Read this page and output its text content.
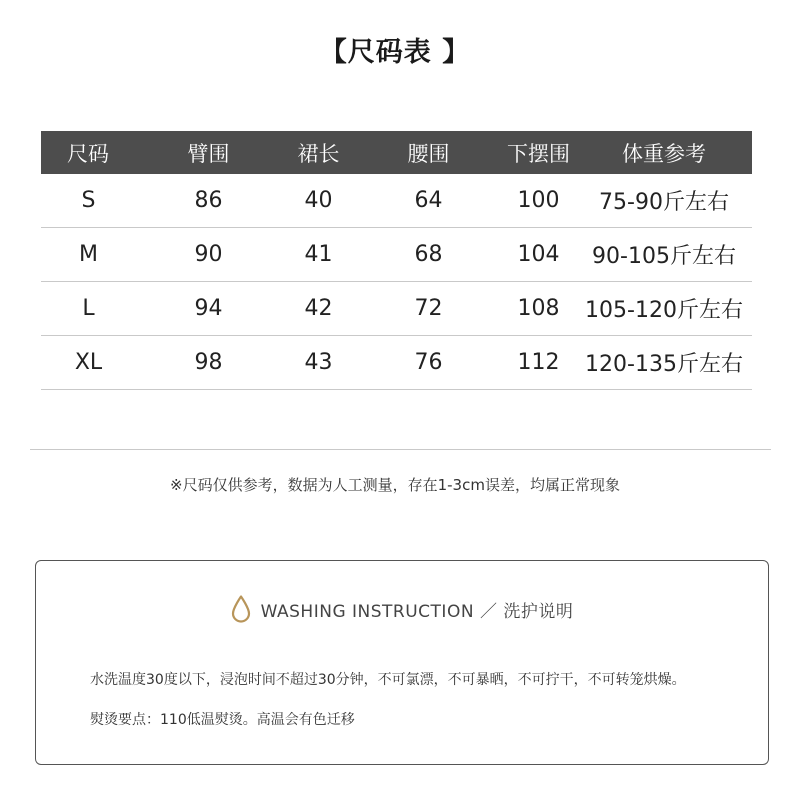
【尺码表 】
尺码	臂围	裙长	腰围	下摆围	体重参考
S	86	40	64	100	75-90斤左右
M	90	41	68	104	90-105斤左右
L	94	42	72	108	105-120斤左右
XL	98	43	76	112	120-135斤左右
※尺码仅供参考，数据为人工测量，存在1-3cm误差，均属正常现象
WASHING INSTRUCTION ／ 洗护说明
水洗温度30度以下，浸泡时间不超过30分钟，不可氯漂，不可暴晒，不可拧干，不可转笼烘燥。
熨烫要点：110低温熨烫。高温会有色迁移
